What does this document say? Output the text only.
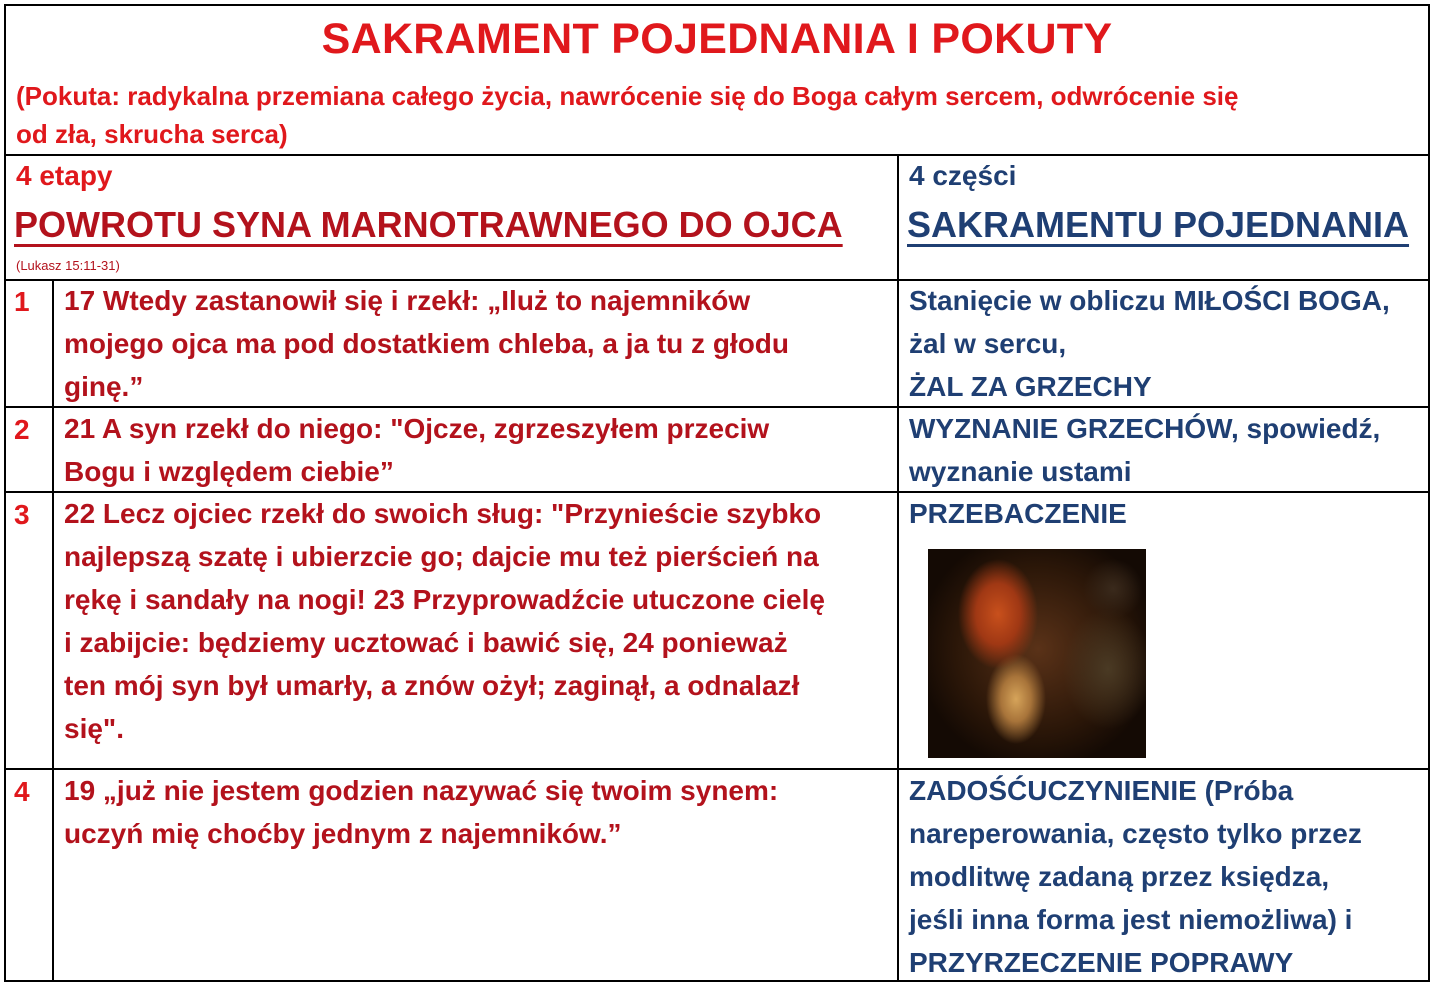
SAKRAMENT POJEDNANIA I POKUTY
(Pokuta: radykalna przemiana całego życia, nawrócenie się do Boga całym sercem, odwrócenie się
od zła, skrucha serca)
4 etapy
POWROTU SYNA MARNOTRAWNEGO DO OJCA
(Lukasz 15:11-31)
4 części
SAKRAMENTU POJEDNANIA
1 17 Wtedy zastanowił się i rzekł: „Iluż to najemników
mojego ojca ma pod dostatkiem chleba, a ja tu z głodu
ginę.”
Stanięcie w obliczu MIŁOŚCI BOGA,
żal w sercu,
ŻAL ZA GRZECHY
2 21 A syn rzekł do niego: "Ojcze, zgrzeszyłem przeciw
Bogu i względem ciebie”
WYZNANIE GRZECHÓW, spowiedź,
wyznanie ustami
3 22 Lecz ojciec rzekł do swoich sług: "Przynieście szybko
najlepszą szatę i ubierzcie go; dajcie mu też pierścień na
rękę i sandały na nogi! 23 Przyprowadźcie utuczone cielę
i zabijcie: będziemy ucztować i bawić się, 24 ponieważ
ten mój syn był umarły, a znów ożył; zaginął, a odnalazł
się".
PRZEBACZENIE
4 19 „już nie jestem godzien nazywać się twoim synem:
uczyń mię choćby jednym z najemników.”
ZADOŚĆUCZYNIENIE (Próba
nareperowania, często tylko przez
modlitwę zadaną przez księdza,
jeśli inna forma jest niemożliwa) i
PRZYRZECZENIE POPRAWY
